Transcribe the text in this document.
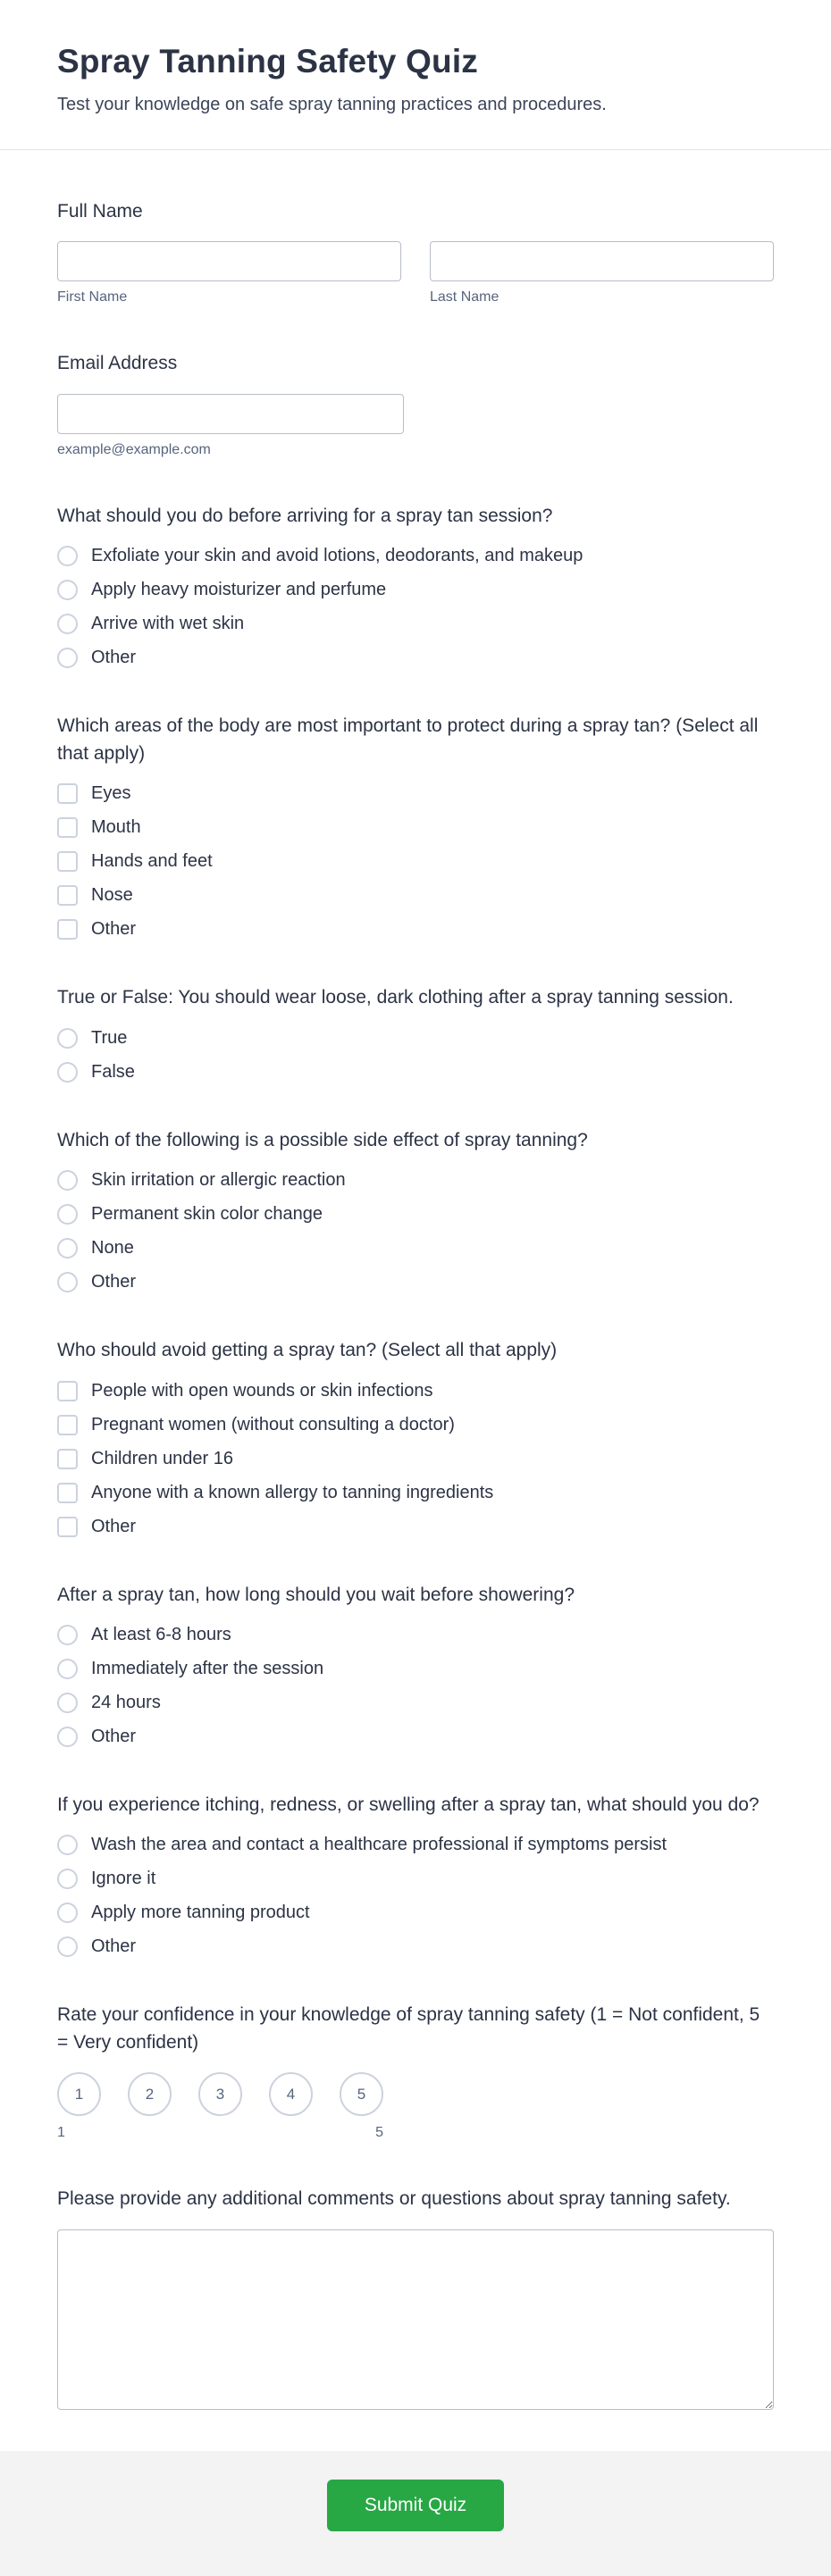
Spray Tanning Safety Quiz
Test your knowledge on safe spray tanning practices and procedures.
Full Name
First Name	Last Name
Email Address
example@example.com
What should you do before arriving for a spray tan session?
Exfoliate your skin and avoid lotions, deodorants, and makeup
Apply heavy moisturizer and perfume
Arrive with wet skin
Other
Which areas of the body are most important to protect during a spray tan? (Select all that apply)
Eyes
Mouth
Hands and feet
Nose
Other
True or False: You should wear loose, dark clothing after a spray tanning session.
True
False
Which of the following is a possible side effect of spray tanning?
Skin irritation or allergic reaction
Permanent skin color change
None
Other
Who should avoid getting a spray tan? (Select all that apply)
People with open wounds or skin infections
Pregnant women (without consulting a doctor)
Children under 16
Anyone with a known allergy to tanning ingredients
Other
After a spray tan, how long should you wait before showering?
At least 6-8 hours
Immediately after the session
24 hours
Other
If you experience itching, redness, or swelling after a spray tan, what should you do?
Wash the area and contact a healthcare professional if symptoms persist
Ignore it
Apply more tanning product
Other
Rate your confidence in your knowledge of spray tanning safety (1 = Not confident, 5 = Very confident)
1	2	3	4	5
1	5
Please provide any additional comments or questions about spray tanning safety.
Submit Quiz
